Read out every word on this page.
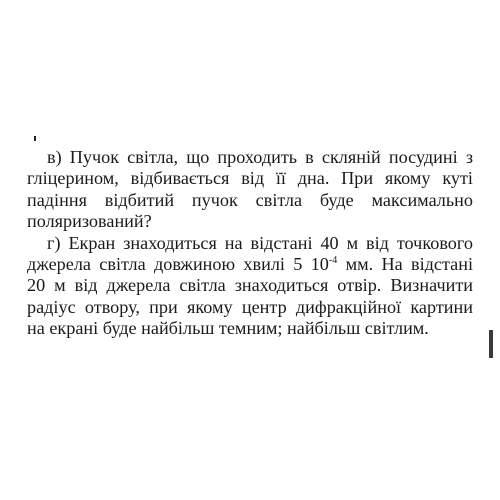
в) Пучок світла, що проходить в скляній посудині з
гліцерином, відбивається від її дна. При якому куті
падіння відбитий пучок світла буде максимально
поляризований?
г) Екран знаходиться на відстані 40 м від точкового
джерела світла довжиною хвилі 5 $10^{-4}$ мм. На відстані
20 м від джерела світла знаходиться отвір. Визначити
радіус отвору, при якому центр дифракційної картини
на екрані буде найбільш темним; найбільш світлим.
